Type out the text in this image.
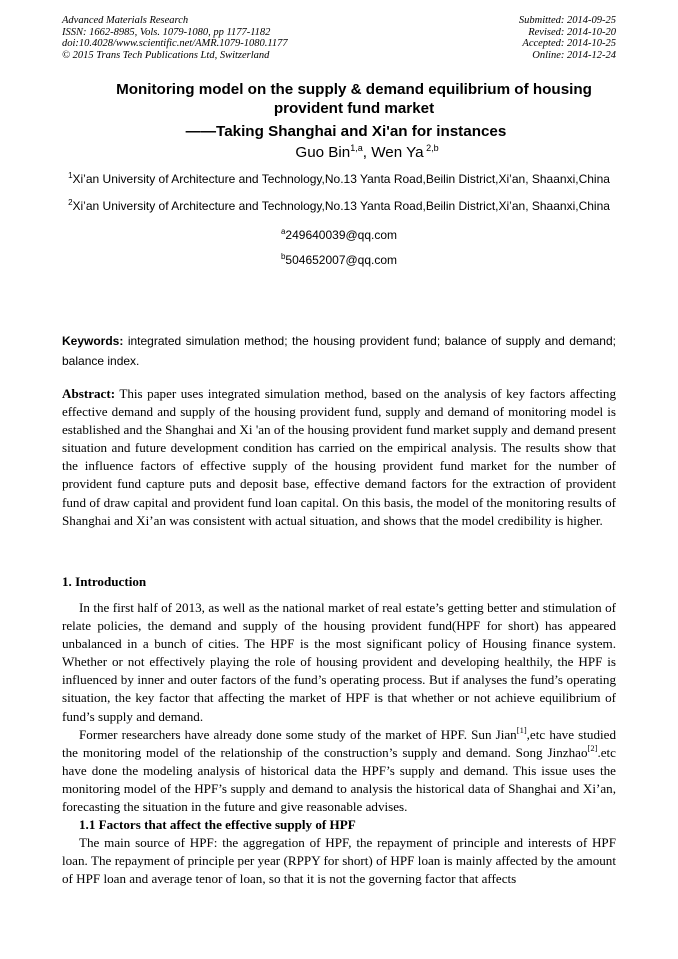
Advanced Materials Research
ISSN: 1662-8985, Vols. 1079-1080, pp 1177-1182
doi:10.4028/www.scientific.net/AMR.1079-1080.1177
© 2015 Trans Tech Publications Ltd, Switzerland
Submitted: 2014-09-25
Revised: 2014-10-20
Accepted: 2014-10-25
Online: 2014-12-24
Monitoring model on the supply & demand equilibrium of housing provident fund market
——Taking Shanghai and Xi'an for instances
Guo Bin$^{1,a}$, Wen Ya $^{2,b}$
$^1$Xi’an University of Architecture and Technology,No.13 Yanta Road,Beilin District,Xi’an, Shaanxi,China
$^2$Xi’an University of Architecture and Technology,No.13 Yanta Road,Beilin District,Xi’an, Shaanxi,China
$^a$249640039@qq.com
$^b$504652007@qq.com
Keywords: integrated simulation method; the housing provident fund; balance of supply and demand; balance index.
Abstract: This paper uses integrated simulation method, based on the analysis of key factors affecting effective demand and supply of the housing provident fund, supply and demand of monitoring model is established and the Shanghai and Xi 'an of the housing provident fund market supply and demand present situation and future development condition has carried on the empirical analysis. The results show that the influence factors of effective supply of the housing provident fund market for the number of provident fund capture puts and deposit base, effective demand factors for the extraction of provident fund of draw capital and provident fund loan capital. On this basis, the model of the monitoring results of Shanghai and Xi’an was consistent with actual situation, and shows that the model credibility is higher.
1. Introduction

In the first half of 2013, as well as the national market of real estate’s getting better and stimulation of relate policies, the demand and supply of the housing provident fund(HPF for short) has appeared unbalanced in a bunch of cities. The HPF is the most significant policy of Housing finance system. Whether or not effectively playing the role of housing provident and developing healthily, the HPF is influenced by inner and outer factors of the fund’s operating process. But if analyses the fund’s operating situation, the key factor that affecting the market of HPF is that whether or not achieve equilibrium of fund’s supply and demand.

Former researchers have already done some study of the market of HPF. Sun Jian[1],etc have studied the monitoring model of the relationship of the construction’s supply and demand. Song Jinzhao[2].etc have done the modeling analysis of historical data the HPF’s supply and demand. This issue uses the monitoring model of the HPF’s supply and demand to analysis the historical data of Shanghai and Xi’an, forecasting the situation in the future and give reasonable advises.

1.1 Factors that affect the effective supply of HPF

The main source of HPF: the aggregation of HPF, the repayment of principle and interests of HPF loan. The repayment of principle per year (RPPY for short) of HPF loan is mainly affected by the amount of HPF loan and average tenor of loan, so that it is not the governing factor that affects
